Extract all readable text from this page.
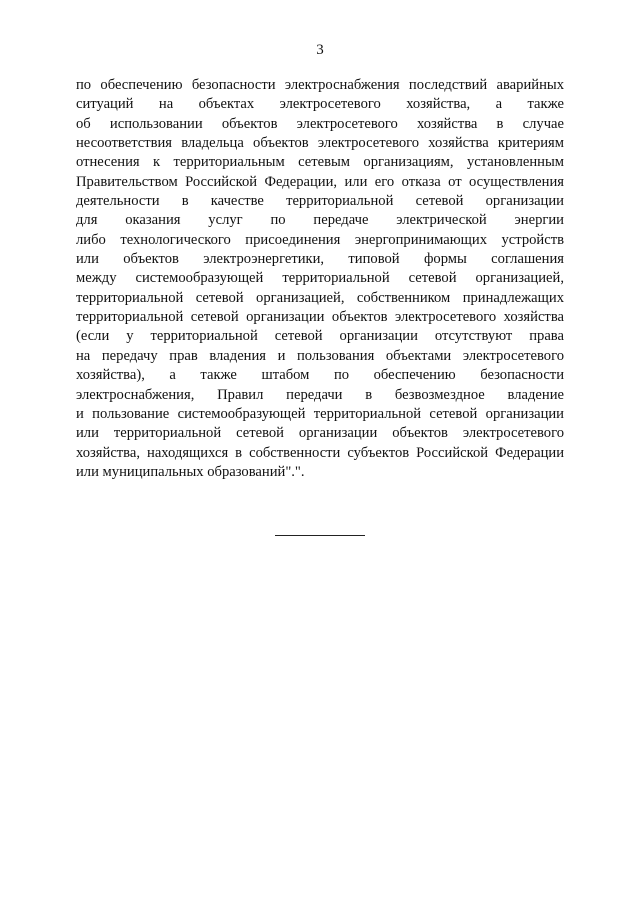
3

по обеспечению безопасности электроснабжения последствий аварийных
ситуаций на объектах электросетевого хозяйства, а также
об использовании объектов электросетевого хозяйства в случае
несоответствия владельца объектов электросетевого хозяйства критериям
отнесения к территориальным сетевым организациям, установленным
Правительством Российской Федерации, или его отказа от осуществления
деятельности в качестве территориальной сетевой организации
для оказания услуг по передаче электрической энергии
либо технологического присоединения энергопринимающих устройств
или объектов электроэнергетики, типовой формы соглашения
между системообразующей территориальной сетевой организацией,
территориальной сетевой организацией, собственником принадлежащих
территориальной сетевой организации объектов электросетевого хозяйства
(если у территориальной сетевой организации отсутствуют права
на передачу прав владения и пользования объектами электросетевого
хозяйства), а также штабом по обеспечению безопасности
электроснабжения, Правил передачи в безвозмездное владение
и пользование системообразующей территориальной сетевой организации
или территориальной сетевой организации объектов электросетевого
хозяйства, находящихся в собственности субъектов Российской Федерации
или муниципальных образований".".
